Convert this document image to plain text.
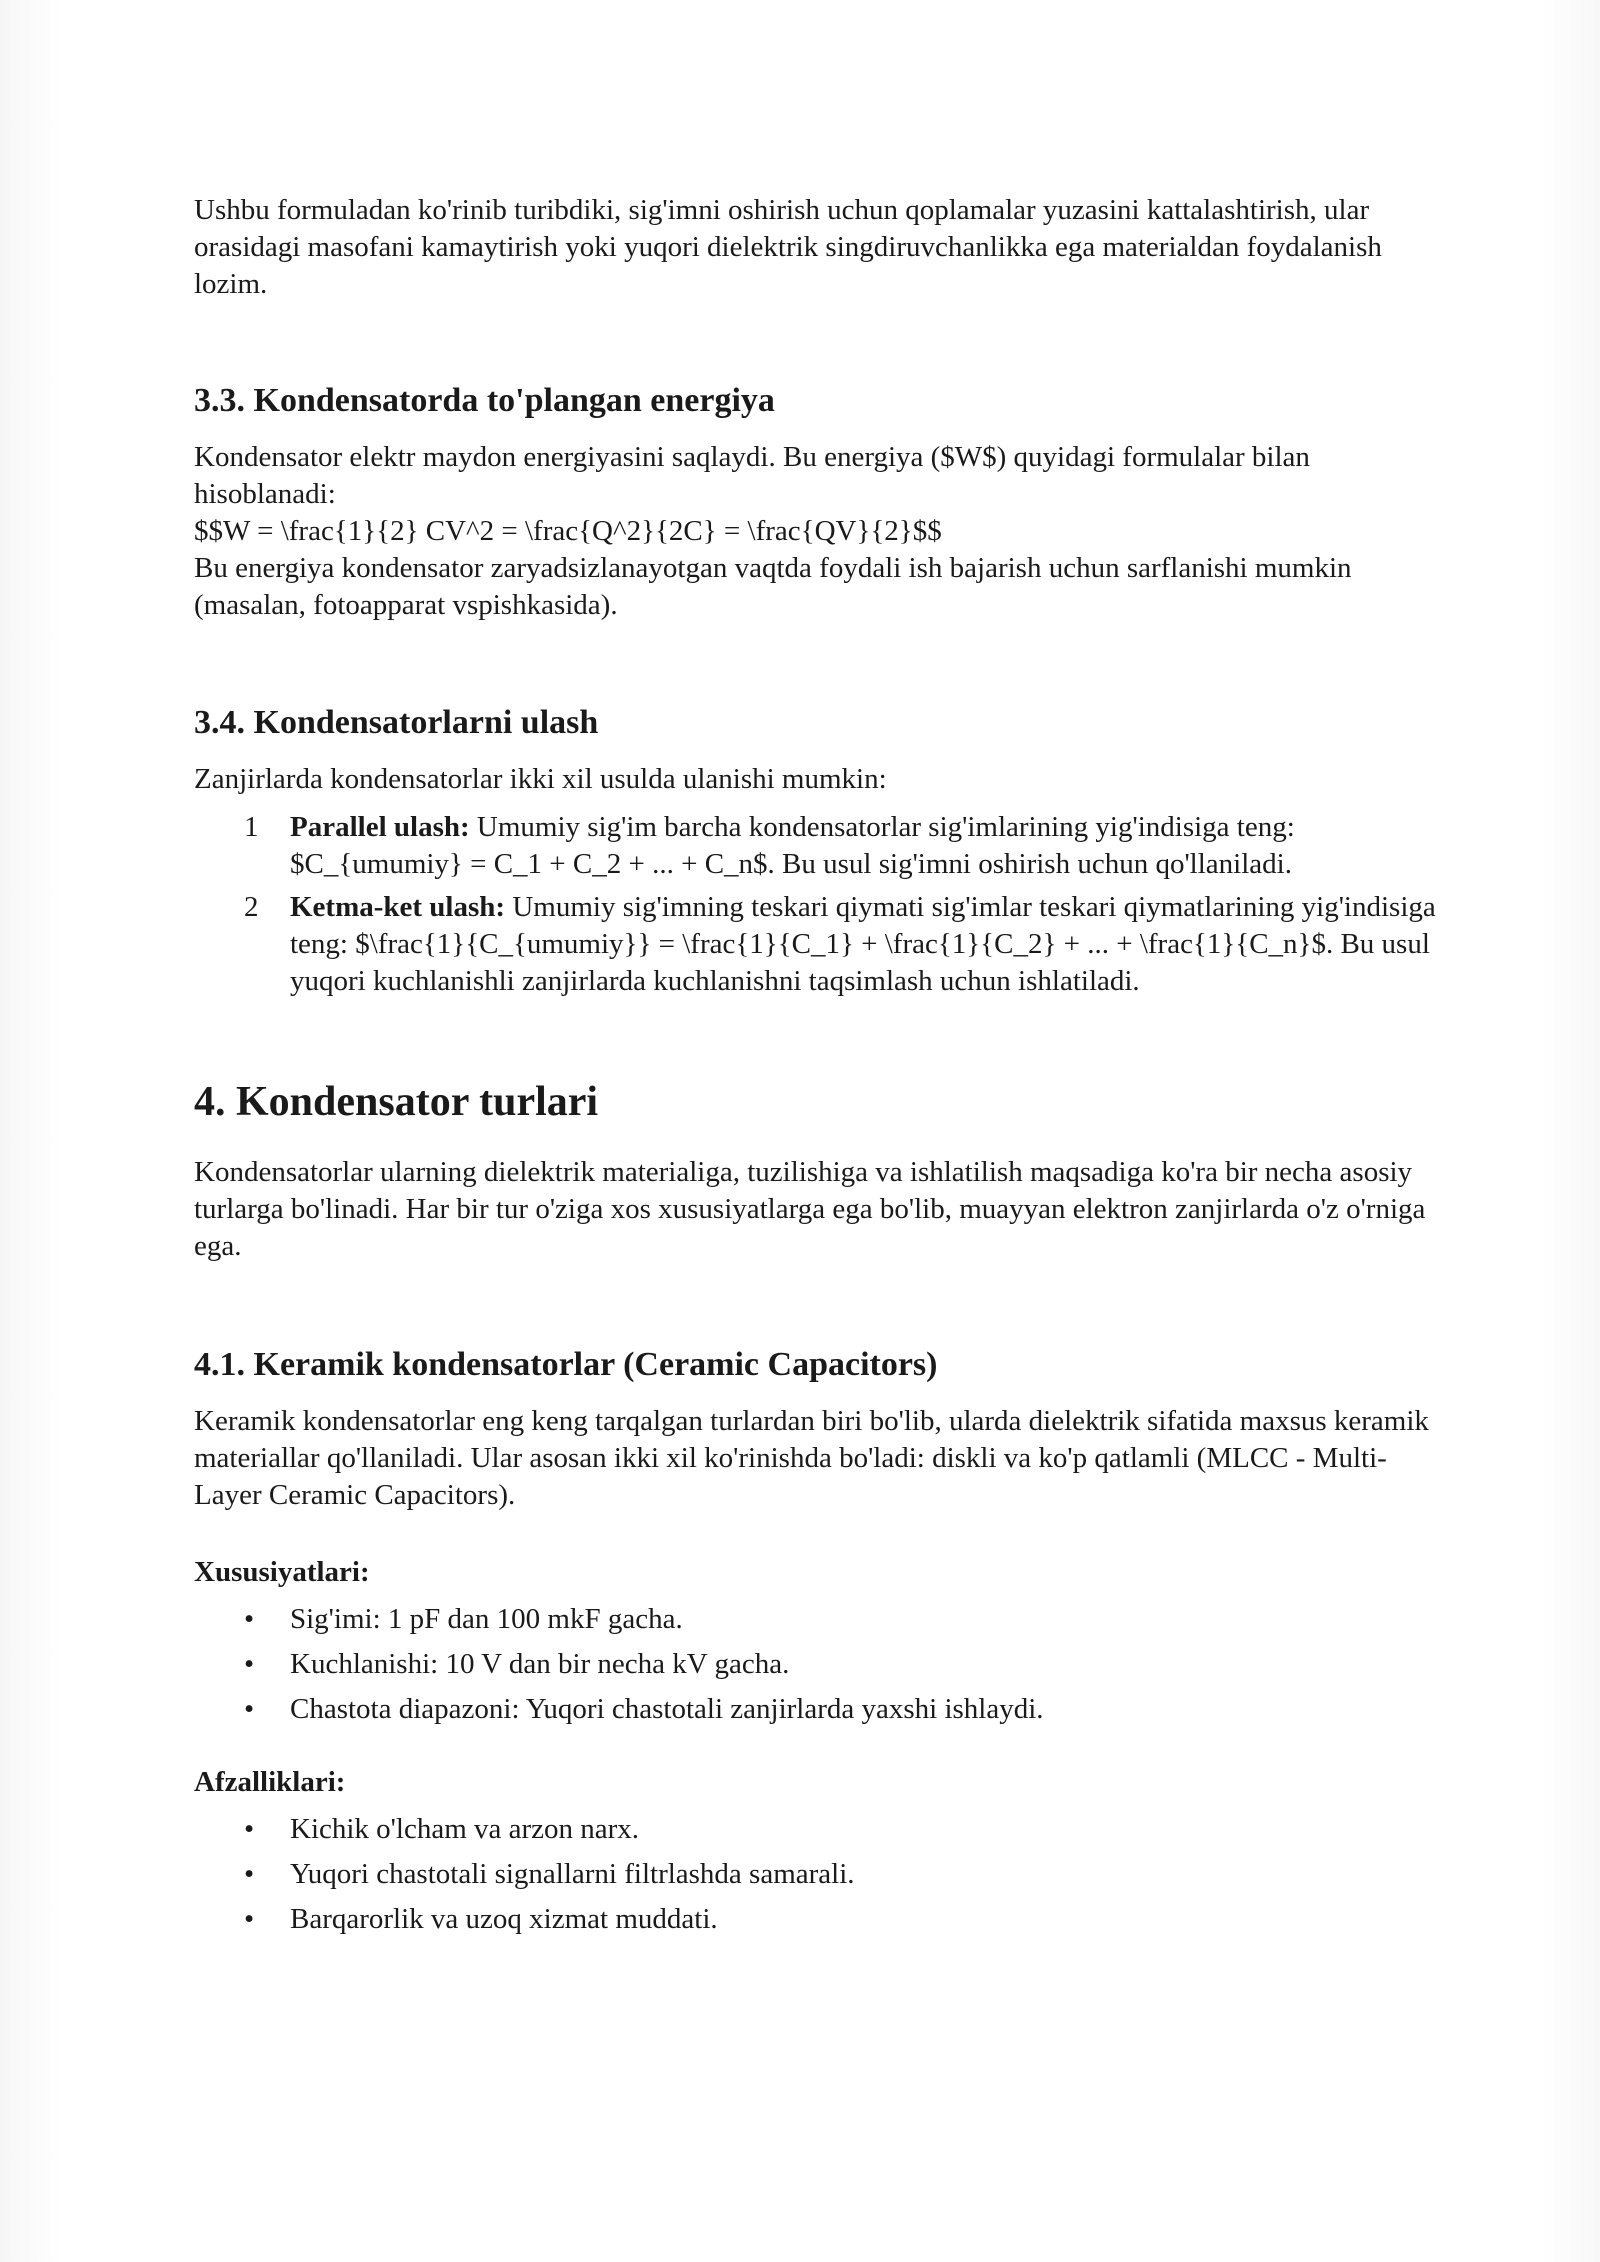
Ushbu formuladan ko'rinib turibdiki, sig'imni oshirish uchun qoplamalar yuzasini kattalashtirish, ular orasidagi masofani kamaytirish yoki yuqori dielektrik singdiruvchanlikka ega materialdan foydalanish lozim.

3.3. Kondensatorda to'plangan energiya

Kondensator elektr maydon energiyasini saqlaydi. Bu energiya ($W$) quyidagi formulalar bilan hisoblanadi:
$$W = \frac{1}{2} CV^2 = \frac{Q^2}{2C} = \frac{QV}{2}$$
Bu energiya kondensator zaryadsizlanayotgan vaqtda foydali ish bajarish uchun sarflanishi mumkin (masalan, fotoapparat vspishkasida).

3.4. Kondensatorlarni ulash

Zanjirlarda kondensatorlar ikki xil usulda ulanishi mumkin:

1 Parallel ulash: Umumiy sig'im barcha kondensatorlar sig'imlarining yig'indisiga teng: $C_{umumiy} = C_1 + C_2 + ... + C_n$. Bu usul sig'imni oshirish uchun qo'llaniladi.
2 Ketma-ket ulash: Umumiy sig'imning teskari qiymati sig'imlar teskari qiymatlarining yig'indisiga teng: $\frac{1}{C_{umumiy}} = \frac{1}{C_1} + \frac{1}{C_2} + ... + \frac{1}{C_n}$. Bu usul yuqori kuchlanishli zanjirlarda kuchlanishni taqsimlash uchun ishlatiladi.
4. Kondensator turlari

Kondensatorlar ularning dielektrik materialiga, tuzilishiga va ishlatilish maqsadiga ko'ra bir necha asosiy turlarga bo'linadi. Har bir tur o'ziga xos xususiyatlarga ega bo'lib, muayyan elektron zanjirlarda o'z o'rniga ega.

4.1. Keramik kondensatorlar (Ceramic Capacitors)

Keramik kondensatorlar eng keng tarqalgan turlardan biri bo'lib, ularda dielektrik sifatida maxsus keramik materiallar qo'llaniladi. Ular asosan ikki xil ko'rinishda bo'ladi: diskli va ko'p qatlamli (MLCC - Multi-Layer Ceramic Capacitors).

Xususiyatlari:
• Sig'imi: 1 pF dan 100 mkF gacha.
• Kuchlanishi: 10 V dan bir necha kV gacha.
• Chastota diapazoni: Yuqori chastotali zanjirlarda yaxshi ishlaydi.
Afzalliklari:
• Kichik o'lcham va arzon narx.
• Yuqori chastotali signallarni filtrlashda samarali.
• Barqarorlik va uzoq xizmat muddati.
